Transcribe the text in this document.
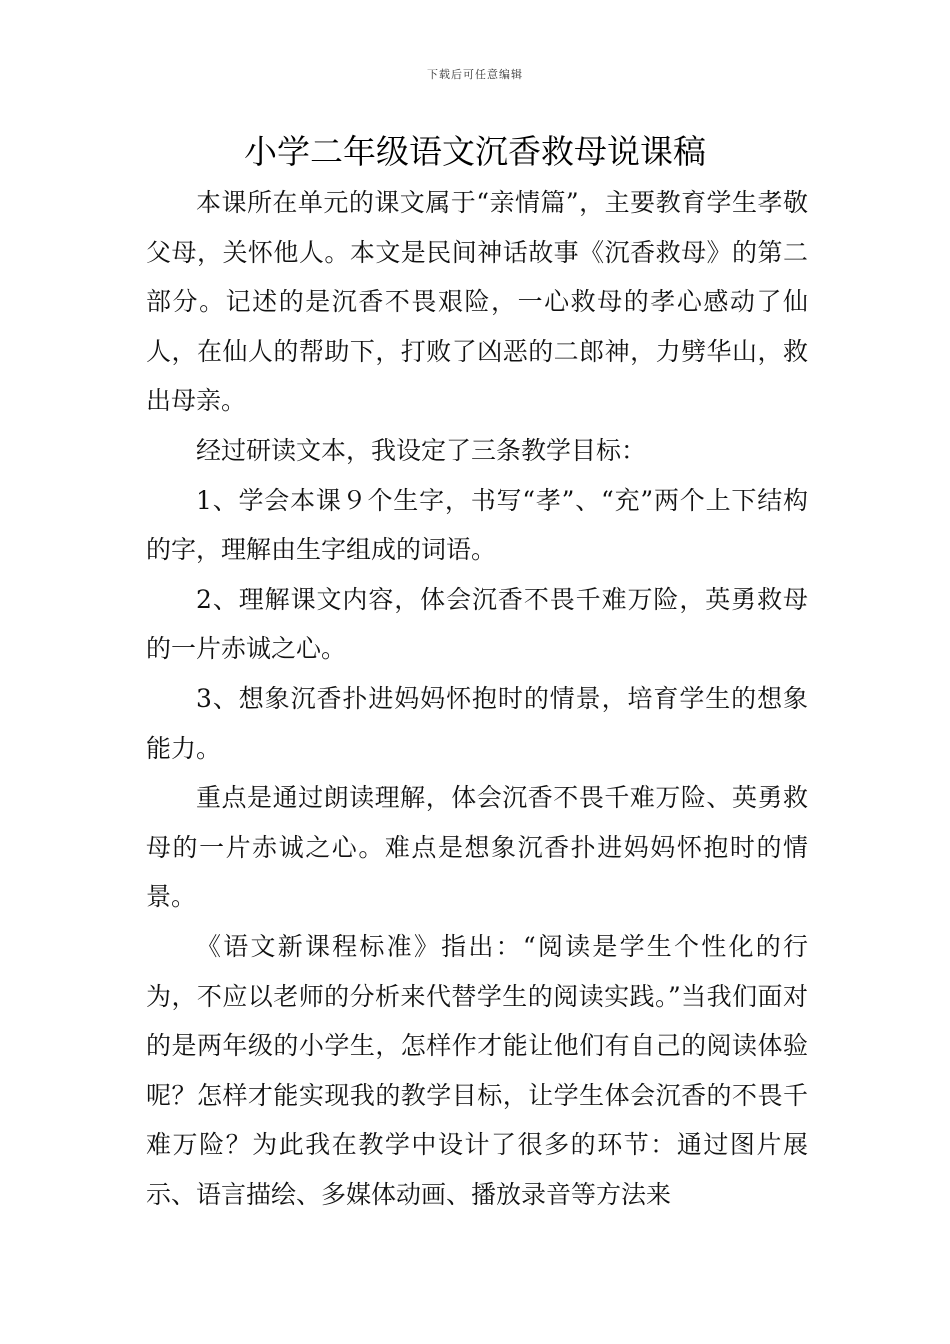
下载后可任意编辑
小学二年级语文沉香救母说课稿

本课所在单元的课文属于“亲情篇”，主要教育学生孝敬父母，关怀他人。本文是民间神话故事《沉香救母》的第二部分。记述的是沉香不畏艰险，一心救母的孝心感动了仙人，在仙人的帮助下，打败了凶恶的二郎神，力劈华山，救出母亲。

经过研读文本，我设定了三条教学目标：

1、学会本课９个生字，书写“孝”、“充”两个上下结构的字，理解由生字组成的词语。

2、理解课文内容，体会沉香不畏千难万险，英勇救母的一片赤诚之心。

3、想象沉香扑进妈妈怀抱时的情景，培育学生的想象能力。

重点是通过朗读理解，体会沉香不畏千难万险、英勇救母的一片赤诚之心。难点是想象沉香扑进妈妈怀抱时的情景。

《语文新课程标准》指出：“阅读是学生个性化的行为，不应以老师的分析来代替学生的阅读实践。”当我们面对的是两年级的小学生，怎样作才能让他们有自己的阅读体验呢？怎样才能实现我的教学目标，让学生体会沉香的不畏千难万险？为此我在教学中设计了很多的环节：通过图片展示、语言描绘、多媒体动画、播放录音等方法来
